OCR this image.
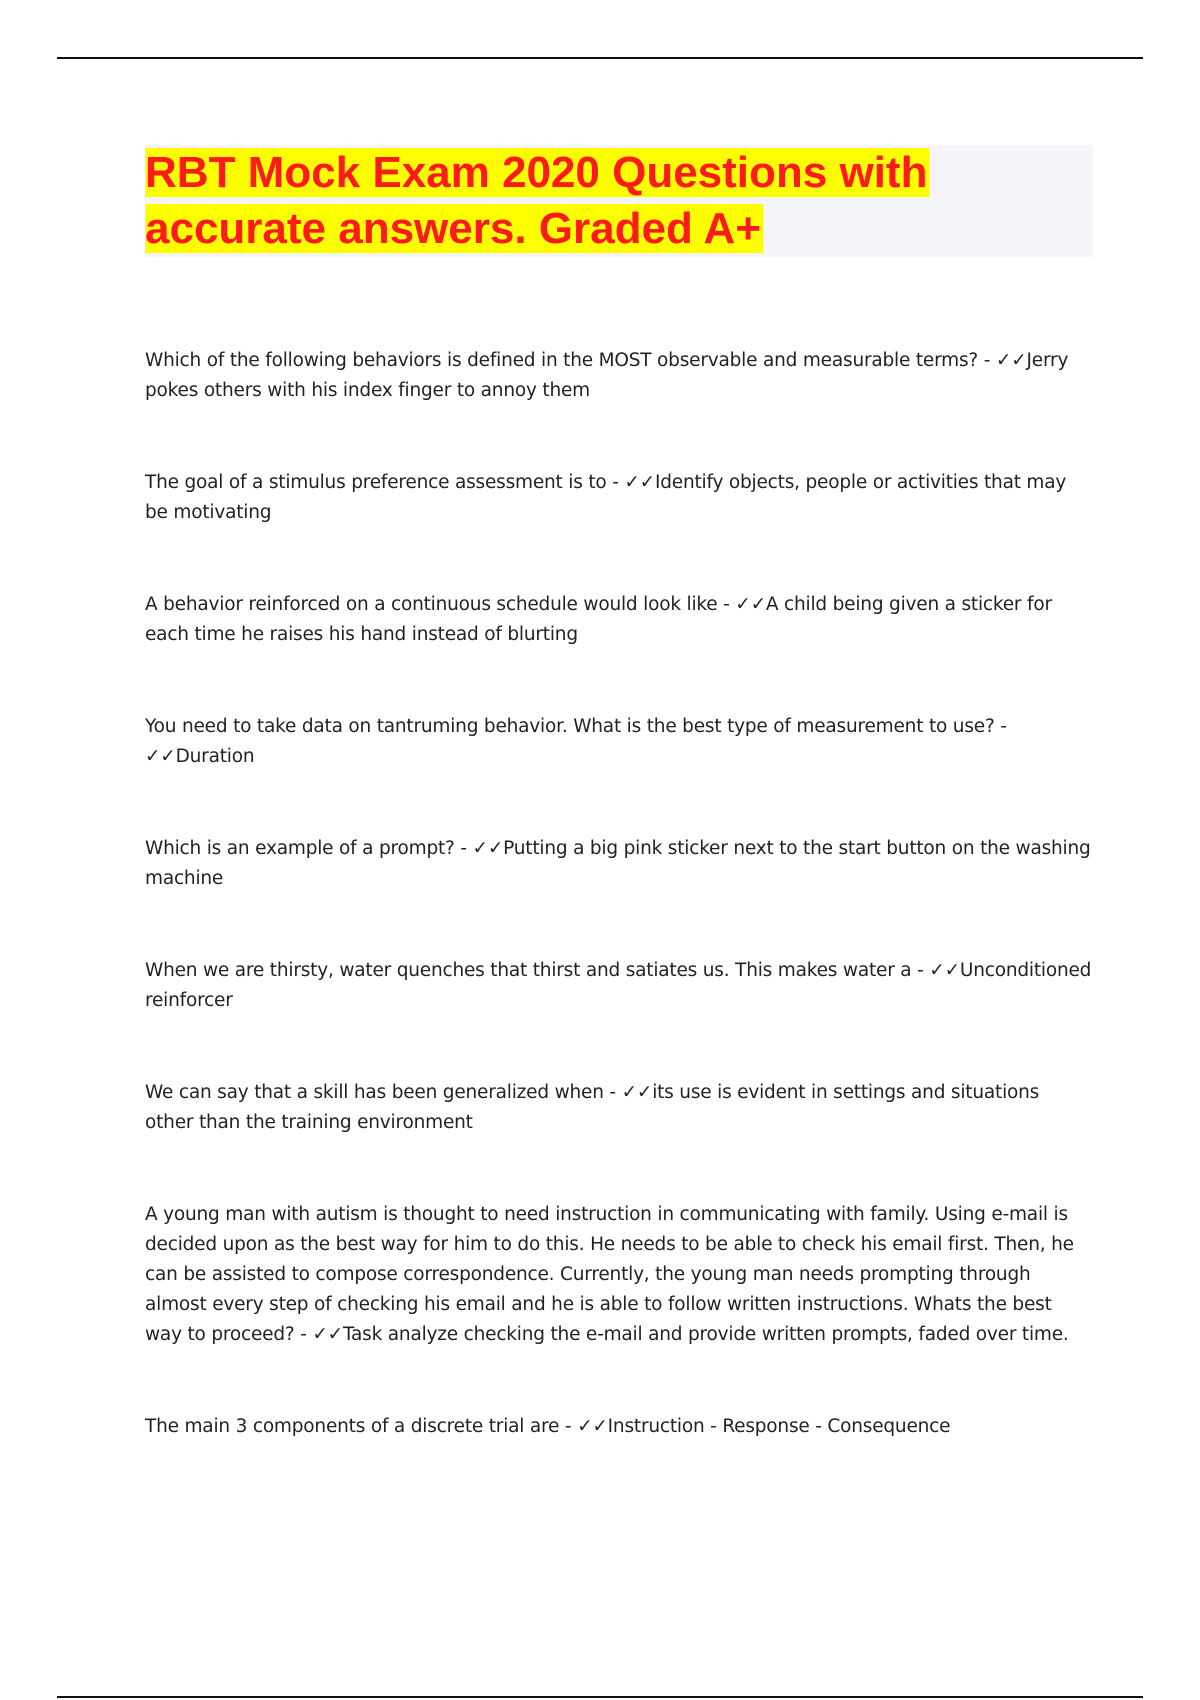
RBT Mock Exam 2020 Questions with
accurate answers. Graded A+

Which of the following behaviors is defined in the MOST observable and measurable terms? - ✓✓Jerry pokes others with his index finger to annoy them

The goal of a stimulus preference assessment is to - ✓✓Identify objects, people or activities that may be motivating

A behavior reinforced on a continuous schedule would look like - ✓✓A child being given a sticker for each time he raises his hand instead of blurting

You need to take data on tantruming behavior. What is the best type of measurement to use? - ✓✓Duration

Which is an example of a prompt? - ✓✓Putting a big pink sticker next to the start button on the washing machine

When we are thirsty, water quenches that thirst and satiates us. This makes water a - ✓✓Unconditioned reinforcer

We can say that a skill has been generalized when - ✓✓its use is evident in settings and situations other than the training environment

A young man with autism is thought to need instruction in communicating with family. Using e-mail is decided upon as the best way for him to do this. He needs to be able to check his email first. Then, he can be assisted to compose correspondence. Currently, the young man needs prompting through almost every step of checking his email and he is able to follow written instructions. Whats the best way to proceed? - ✓✓Task analyze checking the e-mail and provide written prompts, faded over time.

The main 3 components of a discrete trial are - ✓✓Instruction - Response - Consequence
